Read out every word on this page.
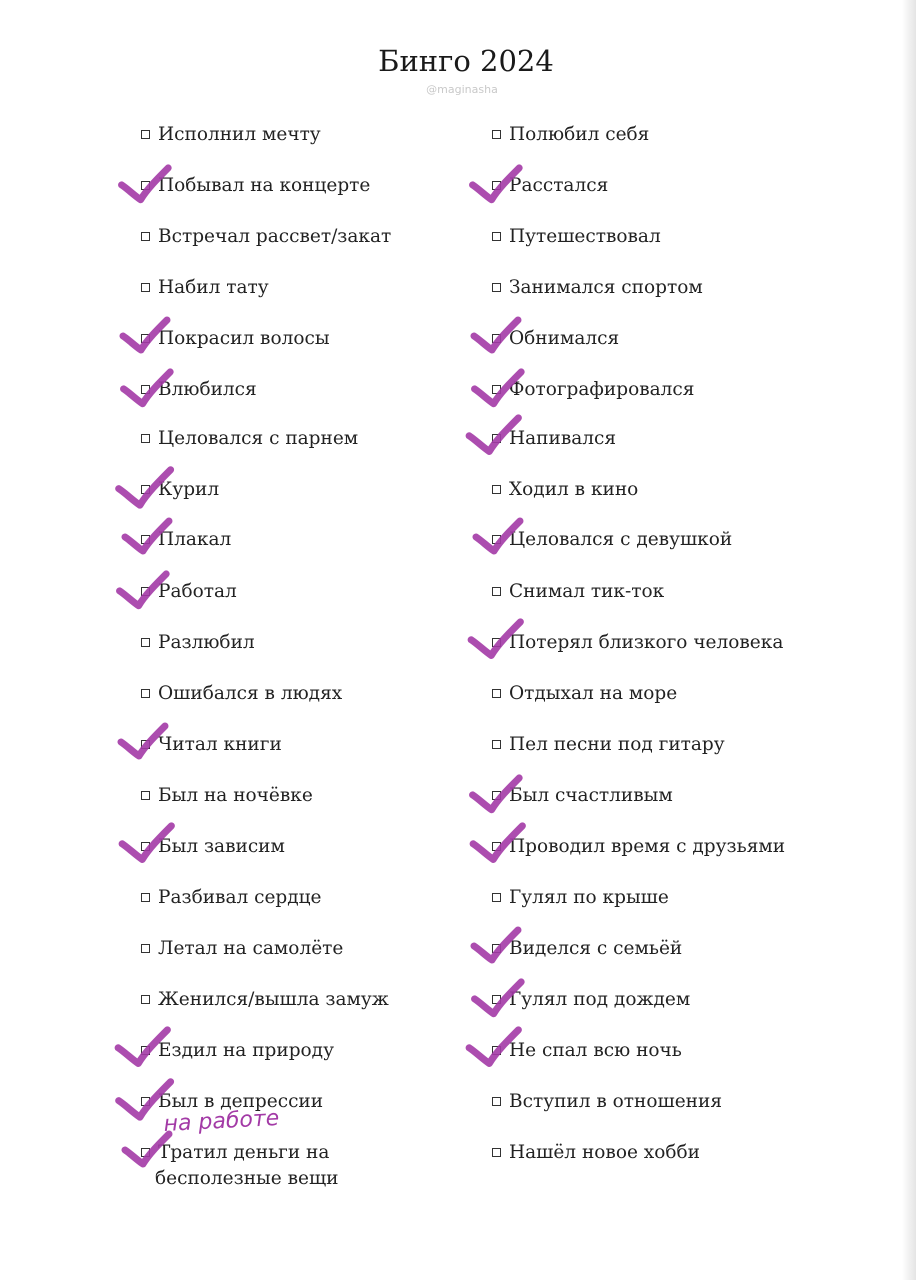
Бинго 2024
@maginasha
Исполнил мечту
Побывал на концерте
Встречал рассвет/закат
Набил тату
Покрасил волосы
Влюбился
Целовался с парнем
Курил
Плакал
Работал
Разлюбил
Ошибался в людях
Читал книги
Был на ночёвке
Был зависим
Разбивал сердце
Летал на самолёте
Женился/вышла замуж
Ездил на природу
Был в депрессии
Тратил деньги на
бесполезные вещи
Полюбил себя
Расстался
Путешествовал
Занимался спортом
Обнимался
Фотографировался
Напивался
Ходил в кино
Целовался с девушкой
Снимал тик-ток
Потерял близкого человека
Отдыхал на море
Пел песни под гитару
Был счастливым
Проводил время с друзьями
Гулял по крыше
Виделся с семьёй
Гулял под дождем
Не спал всю ночь
Вступил в отношения
Нашёл новое хобби
на работе
